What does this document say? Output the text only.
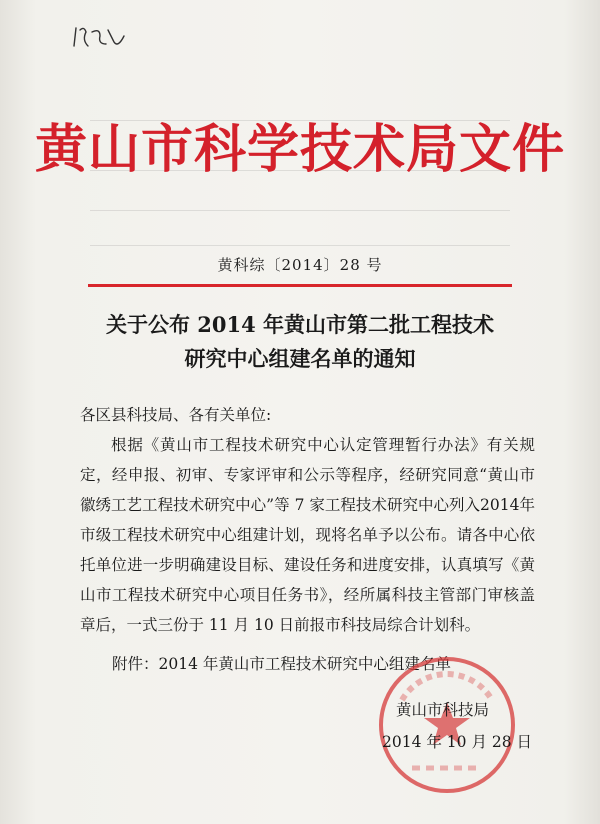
黄山市科学技术局文件
黄科综〔2014〕28 号
关于公布 2014 年黄山市第二批工程技术
研究中心组建名单的通知

各区县科技局、各有关单位:

根据《黄山市工程技术研究中心认定管理暂行办法》有关规定，经申报、初审、专家评审和公示等程序，经研究同意“黄山市徽绣工艺工程技术研究中心”等 7 家工程技术研究中心列入2014年市级工程技术研究中心组建计划，现将名单予以公布。请各中心依托单位进一步明确建设目标、建设任务和进度安排，认真填写《黄山市工程技术研究中心项目任务书》，经所属科技主管部门审核盖章后，一式三份于 11 月 10 日前报市科技局综合计划科。

附件：2014 年黄山市工程技术研究中心组建名单
黄山市科技局
2014 年 10 月 28 日
